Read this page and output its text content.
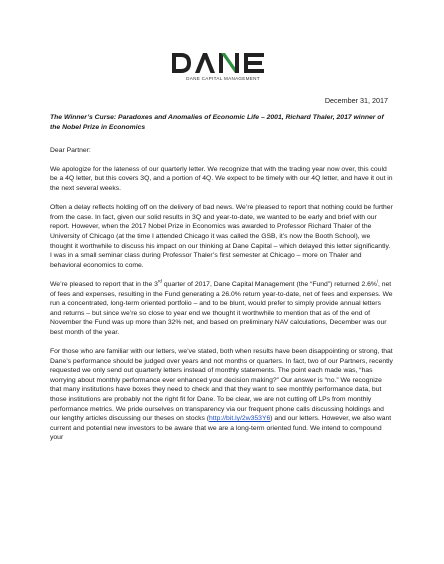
DANE CAPITAL MANAGEMENT
December 31, 2017

The Winner’s Curse: Paradoxes and Anomalies of Economic Life – 2001, Richard Thaler, 2017 winner of the Nobel Prize in Economics

Dear Partner:

We apologize for the lateness of our quarterly letter. We recognize that with the trading year now over, this could be a 4Q letter, but this covers 3Q, and a portion of 4Q. We expect to be timely with our 4Q letter, and have it out in the next several weeks.

Often a delay reflects holding off on the delivery of bad news. We’re pleased to report that nothing could be further from the case. In fact, given our solid results in 3Q and year-to-date, we wanted to be early and brief with our report. However, when the 2017 Nobel Prize in Economics was awarded to Professor Richard Thaler of the University of Chicago (at the time I attended Chicago it was called the GSB, it’s now the Booth School), we thought it worthwhile to discuss his impact on our thinking at Dane Capital – which delayed this letter significantly. I was in a small seminar class during Professor Thaler’s first semester at Chicago – more on Thaler and behavioral economics to come.

We’re pleased to report that in the 3rd quarter of 2017, Dane Capital Management (the “Fund”) returned 2.6%$^i$, net of fees and expenses, resulting in the Fund generating a 26.0% return year-to-date, net of fees and expenses. We run a concentrated, long-term oriented portfolio – and to be blunt, would prefer to simply provide annual letters and returns – but since we’re so close to year end we thought it worthwhile to mention that as of the end of November the Fund was up more than 32% net, and based on preliminary NAV calculations, December was our best month of the year.

For those who are familiar with our letters, we’ve stated, both when results have been disappointing or strong, that Dane’s performance should be judged over years and not months or quarters. In fact, two of our Partners, recently requested we only send out quarterly letters instead of monthly statements. The point each made was, “has worrying about monthly performance ever enhanced your decision making?” Our answer is “no.” We recognize that many institutions have boxes they need to check and that they want to see monthly performance data, but those institutions are probably not the right fit for Dane. To be clear, we are not cutting off LPs from monthly performance metrics. We pride ourselves on transparency via our frequent phone calls discussing holdings and our lengthy articles discussing our theses on stocks (http://bit.ly/2w353Y6) and our letters. However, we also want current and potential new investors to be aware that we are a long-term oriented fund. We intend to compound your
